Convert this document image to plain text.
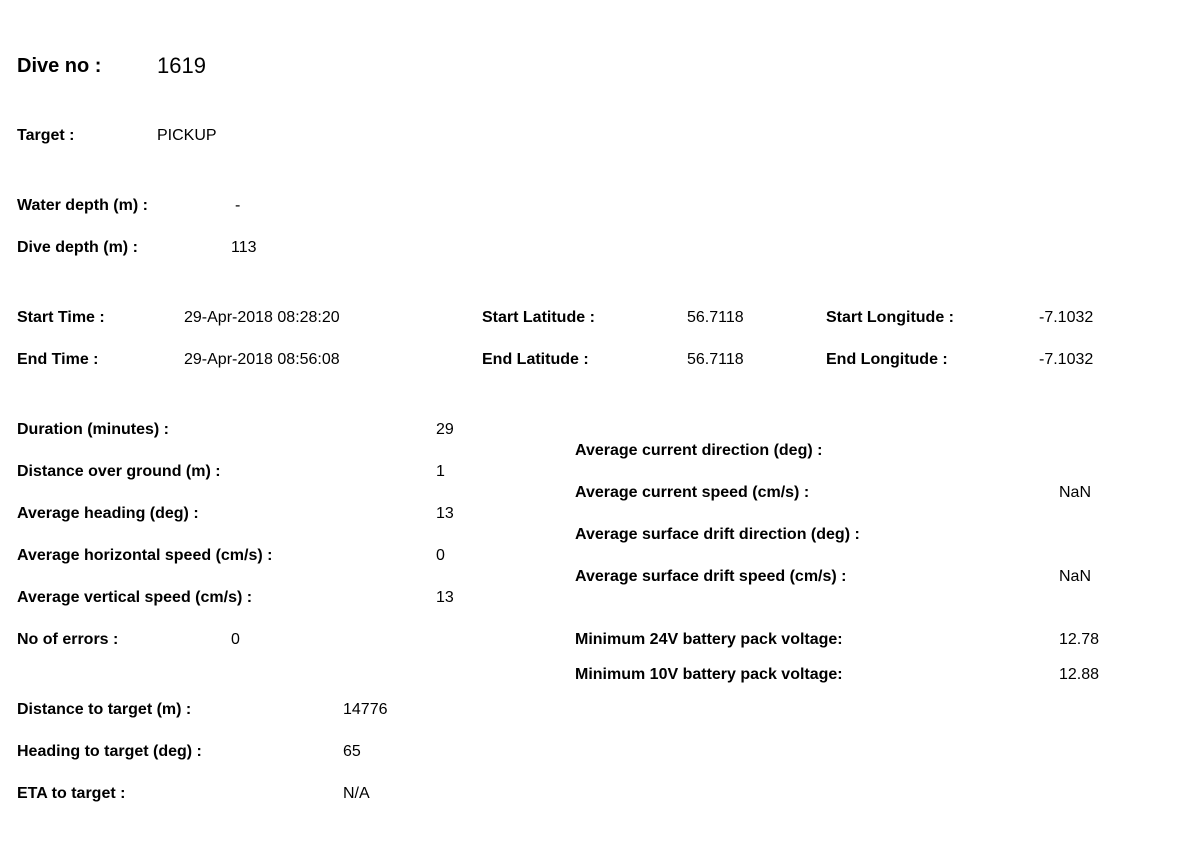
Dive no :	1619
Target :	PICKUP
Water depth (m) :	-
Dive depth (m) :	113
Start Time :	29-Apr-2018 08:28:20	Start Latitude :	56.7118	Start Longitude :	-7.1032
End Time :	29-Apr-2018 08:56:08	End Latitude :	56.7118	End Longitude :	-7.1032
Duration (minutes) :	29
Distance over ground (m) :	1
Average heading (deg) :	13
Average horizontal speed (cm/s) :	0
Average vertical speed (cm/s) :	13
No of errors :	0
Average current direction (deg) :
Average current speed (cm/s) :	NaN
Average surface drift direction (deg) :
Average surface drift speed (cm/s) :	NaN
Minimum 24V battery pack voltage:	12.78
Minimum 10V battery pack voltage:	12.88
Distance to target (m) :	14776
Heading to target (deg) :	65
ETA to target :	N/A
